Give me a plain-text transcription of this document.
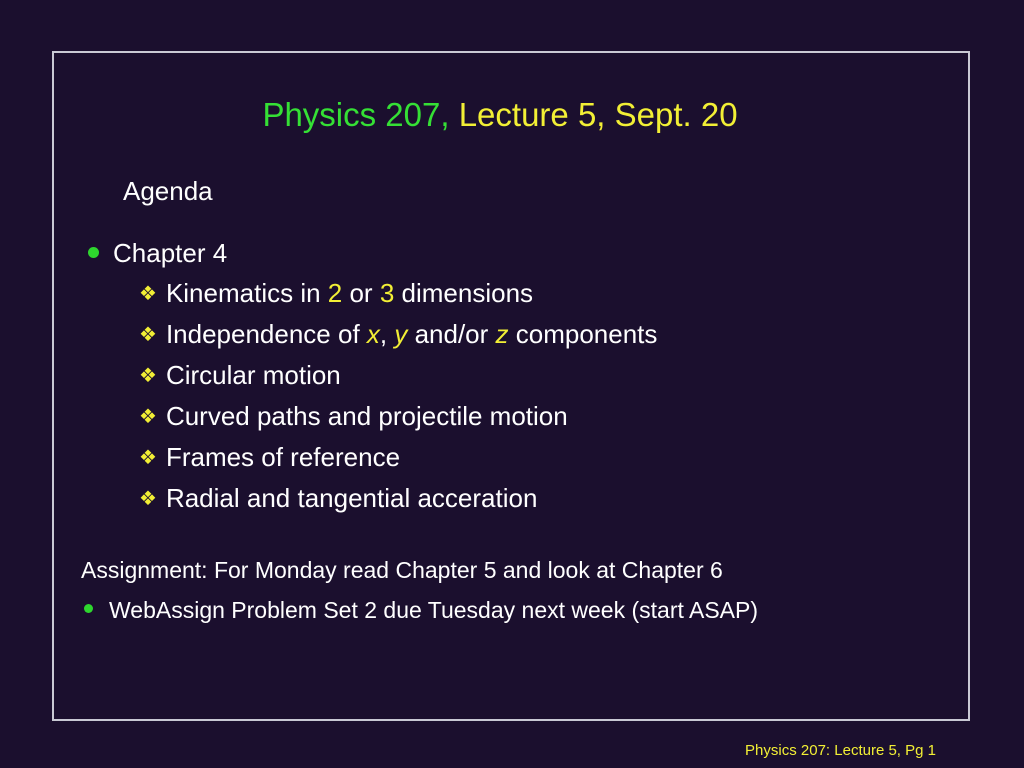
Physics 207, Lecture 5, Sept. 20
Agenda
Chapter 4
❖ Kinematics in 2 or 3 dimensions
❖ Independence of x, y and/or z components
❖ Circular motion
❖ Curved paths and projectile motion
❖ Frames of reference
❖ Radial and tangential acceration
Assignment: For Monday read Chapter 5 and look at Chapter 6
WebAssign Problem Set 2 due Tuesday next week (start ASAP)
Physics 207: Lecture 5, Pg 1
